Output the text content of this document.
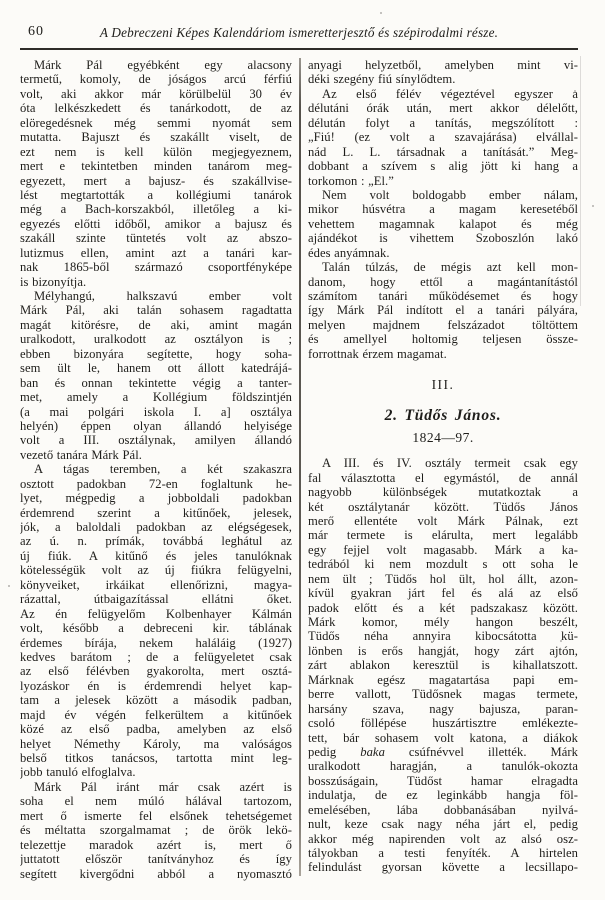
60	A Debreczeni Képes Kalendáriom ismeretterjesztő és szépirodalmi része.
Márk Pál egyébként egy alacsony
termetű, komoly, de jóságos arcú férfiú
volt, aki akkor már körülbelül 30 év
óta lelkészkedett és tanárkodott, de az
elöregedésnek még semmi nyomát sem
mutatta. Bajuszt és szakállt viselt, de
ezt nem is kell külön megjegyeznem,
mert e tekintetben minden tanárom meg-
egyezett, mert a bajusz- és szakállvise-
lést megtartották a kollégiumi tanárok
még a Bach-korszakból, illetőleg a ki-
egyezés előtti időből, amikor a bajusz és
szakáll szinte tüntetés volt az abszo-
lutizmus ellen, amint azt a tanári kar-
nak 1865-ből származó csoportfényképe
is bizonyítja.
Mélyhangú, halkszavú ember volt
Márk Pál, aki talán sohasem ragadtatta
magát kitörésre, de aki, amint magán
uralkodott, uralkodott az osztályon is ;
ebben bizonyára segítette, hogy soha-
sem ült le, hanem ott állott katedrájá-
ban és onnan tekintette végig a tanter-
met, amely a Kollégium földszintjén
(a mai polgári iskola I. a] osztálya
helyén) éppen olyan állandó helyisége
volt a III. osztálynak, amilyen állandó
vezető tanára Márk Pál.
A tágas teremben, a két szakaszra
osztott padokban 72-en foglaltunk he-
lyet, mégpedig a jobboldali padokban
érdemrend szerint a kitűnőek, jelesek,
jók, a baloldali padokban az elégségesek,
az ú. n. prímák, továbbá leghátul az
új fiúk. A kitűnő és jeles tanulóknak
kötelességük volt az új fiúkra felügyelni,
könyveiket, irkáikat ellenőrizni, magya-
rázattal, útbaigazítással ellátni őket.
Az én felügyelőm Kolbenhayer Kálmán
volt, később a debreceni kir. táblának
érdemes bírája, nekem haláláig (1927)
kedves barátom ; de a felügyeletet csak
az első félévben gyakorolta, mert osztá-
lyozáskor én is érdemrendi helyet kap-
tam a jelesek között a második padban,
majd év végén felkerültem a kitűnőek
közé az első padba, amelyben az első
helyet Némethy Károly, ma valóságos
belső titkos tanácsos, tartotta mint leg-
jobb tanuló elfoglalva.
Márk Pál iránt már csak azért is
soha el nem múló hálával tartozom,
mert ő ismerte fel elsőnek tehetségemet
és méltatta szorgalmamat ; de örök lekö-
telezettje maradok azért is, mert ő
juttatott először tanítványhoz és így
segített kivergődni abból a nyomasztó
anyagi helyzetből, amelyben mint vi-
déki szegény fiú sínylődtem.
Az első félév végeztével egyszer a
délutáni órák után, mert akkor délelőtt,
délután folyt a tanítás, megszólított :
„Fiú! (ez volt a szavajárása) elvállal-
nád L. L. társadnak a tanítását.” Meg-
dobbant a szívem s alig jött ki hang a
torkomon : „El.”
Nem volt boldogabb ember nálam,
mikor húsvétra a magam keresetéből
vehettem magamnak kalapot és még
ajándékot is vihettem Szoboszlón lakó
édes anyámnak.
Talán túlzás, de mégis azt kell mon-
danom, hogy ettől a magántanítástól
számítom tanári működésemet és hogy
így Márk Pál indított el a tanári pályára,
melyen majdnem felszázadot töltöttem
és amellyel holtomig teljesen össze-
forrottnak érzem magamat.
III.
2. Tüdős János.
1824—97.
A III. és IV. osztály termeit csak egy
fal választotta el egymástól, de annál
nagyobb különbségek mutatkoztak a
két osztálytanár között. Tüdős János
merő ellentéte volt Márk Pálnak, ezt
már termete is elárulta, mert legalább
egy fejjel volt magasabb. Márk a ka-
tedrából ki nem mozdult s ott soha le
nem ült ; Tüdős hol ült, hol állt, azon-
kívül gyakran járt fel és alá az első
padok előtt és a két padszakasz között.
Márk komor, mély hangon beszélt,
Tüdős néha annyira kibocsátotta kü-
lönben is erős hangját, hogy zárt ajtón,
zárt ablakon keresztül is kihallatszott.
Márknak egész magatartása papi em-
berre vallott, Tüdősnek magas termete,
harsány szava, nagy bajusza, paran-
csoló föllépése huszártisztre emlékezte-
tett, bár sohasem volt katona, a diákok
pedig baka csúfnévvel illették. Márk
uralkodott haragján, a tanulók-okozta
bosszúságain, Tüdőst hamar elragadta
indulatja, de ez leginkább hangja föl-
emelésében, lába dobbanásában nyilvá-
nult, keze csak nagy néha járt el, pedig
akkor még napirenden volt az alsó osz-
tályokban a testi fenyíték. A hirtelen
felindulást gyorsan követte a lecsillapo-
